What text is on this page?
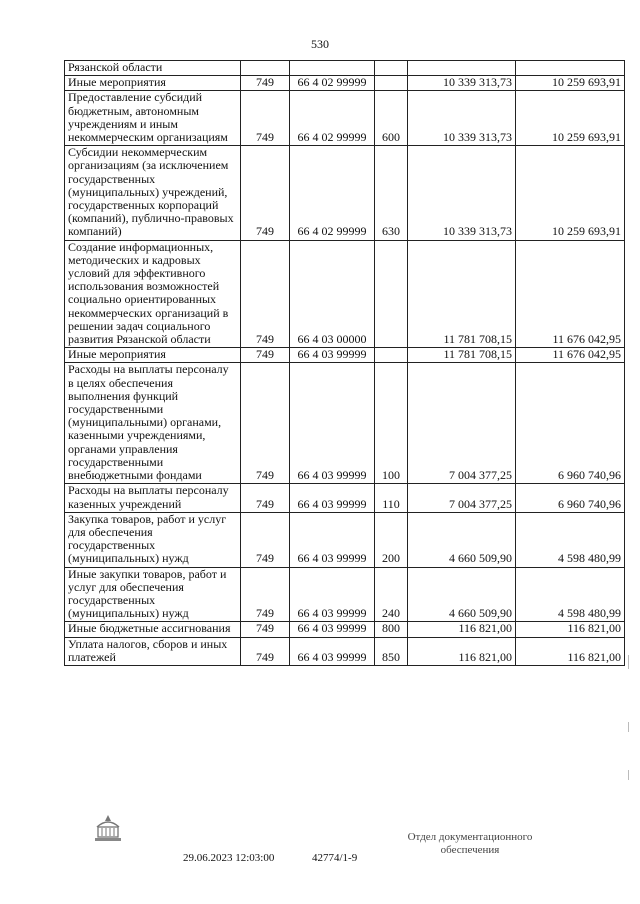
530
Рязанской области					
Иные мероприятия	749	66 4 02 99999		10 339 313,73	10 259 693,91
Предоставление субсидий бюджетным, автономным учреждениям и иным некоммерческим организациям	749	66 4 02 99999	600	10 339 313,73	10 259 693,91
Субсидии некоммерческим организациям (за исключением государственных (муниципальных) учреждений, государственных корпораций (компаний), публично-правовых компаний)	749	66 4 02 99999	630	10 339 313,73	10 259 693,91
Создание информационных, методических и кадровых условий для эффективного использования возможностей социально ориентированных некоммерческих организаций в решении задач социального развития Рязанской области	749	66 4 03 00000		11 781 708,15	11 676 042,95
Иные мероприятия	749	66 4 03 99999		11 781 708,15	11 676 042,95
Расходы на выплаты персоналу в целях обеспечения выполнения функций государственными (муниципальными) органами, казенными учреждениями, органами управления государственными внебюджетными фондами	749	66 4 03 99999	100	7 004 377,25	6 960 740,96
Расходы на выплаты персоналу казенных учреждений	749	66 4 03 99999	110	7 004 377,25	6 960 740,96
Закупка товаров, работ и услуг для обеспечения государственных (муниципальных) нужд	749	66 4 03 99999	200	4 660 509,90	4 598 480,99
Иные закупки товаров, работ и услуг для обеспечения государственных (муниципальных) нужд	749	66 4 03 99999	240	4 660 509,90	4 598 480,99
Иные бюджетные ассигнования	749	66 4 03 99999	800	116 821,00	116 821,00
Уплата налогов, сборов и иных платежей	749	66 4 03 99999	850	116 821,00	116 821,00
29.06.2023 12:03:00	42774/1-9
Отдел документационного
обеспечения
